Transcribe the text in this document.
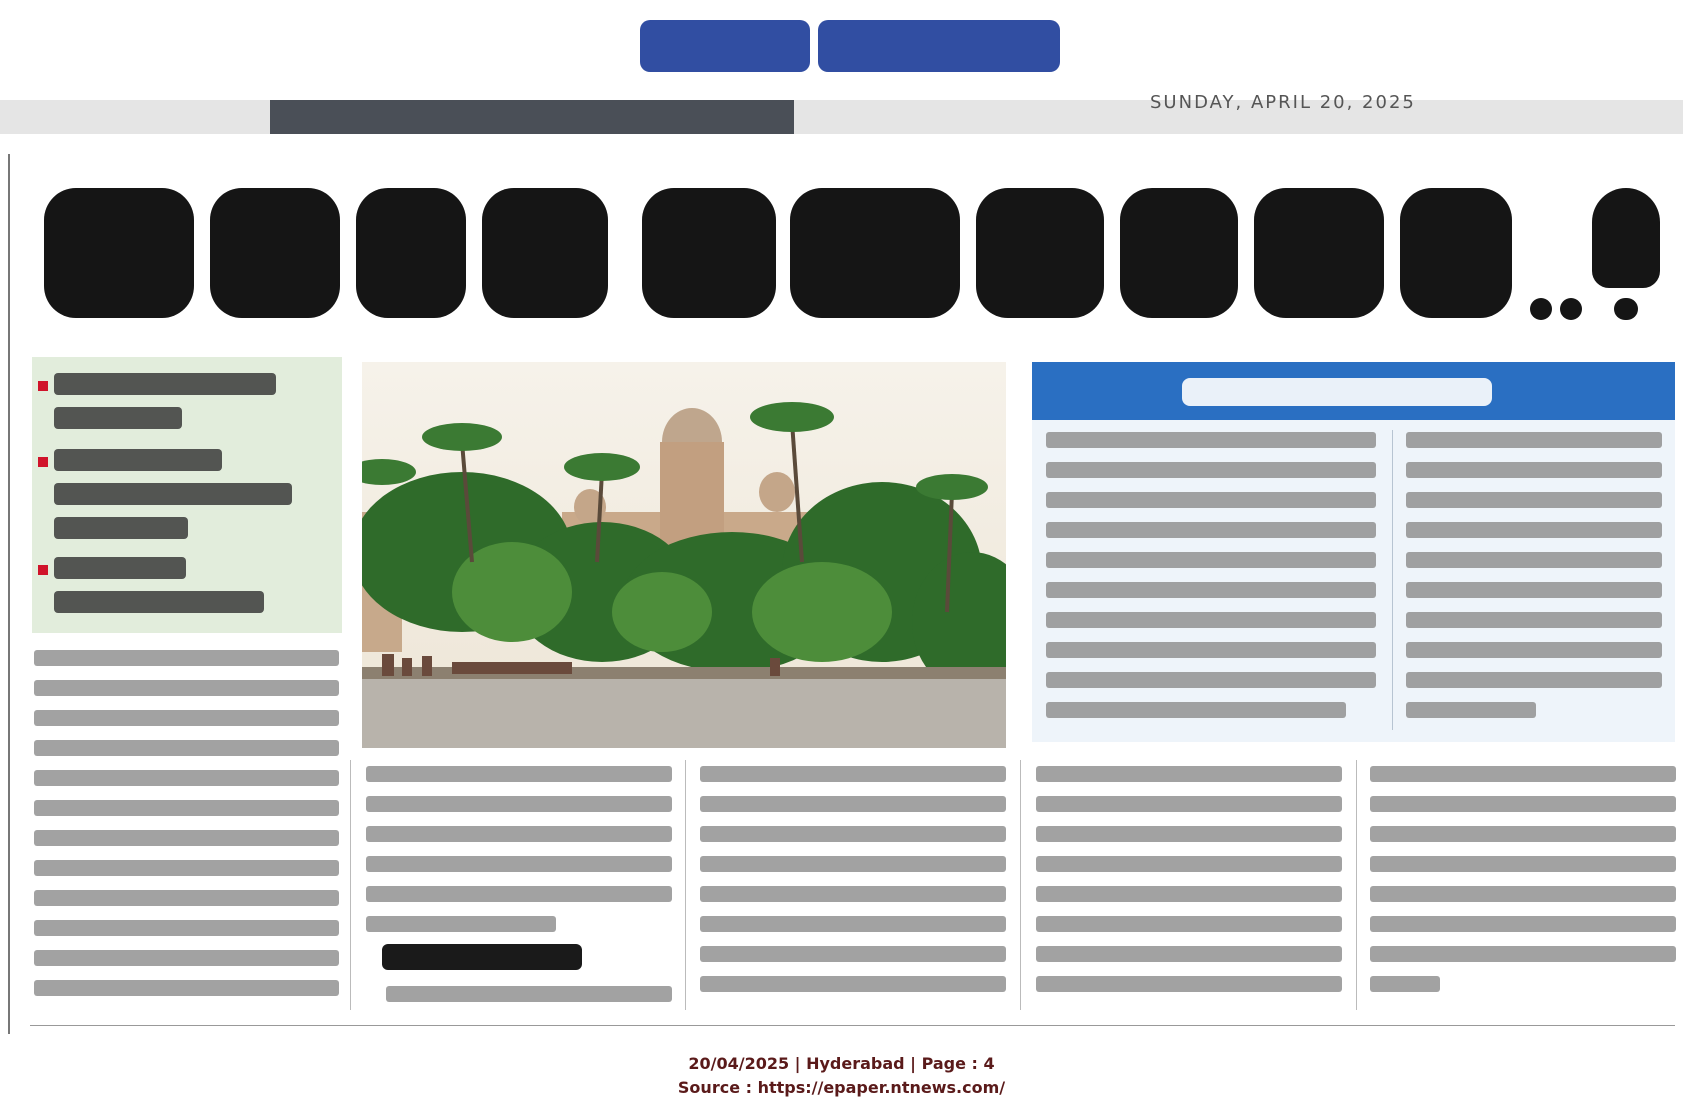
SUNDAY, APRIL 20, 2025
20/04/2025 | Hyderabad | Page : 4
Source : https://epaper.ntnews.com/
